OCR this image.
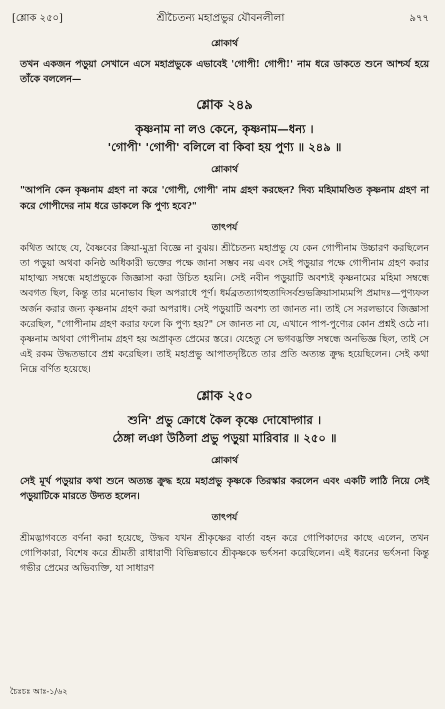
[শ্লোক ২৫০]	শ্রীচৈতন্য মহাপ্রভুর যৌবনলীলা	৯৭৭
শ্লোকার্থ

তখন একজন পড়ুয়া সেখানে এসে মহাপ্রভুকে এভাবেই 'গোপী! গোপী!' নাম ধরে ডাকতে শুনে আশ্চর্য হয়ে তাঁকে বললেন—

শ্লোক ২৪৯

কৃষ্ণনাম না লও কেনে, কৃষ্ণনাম—ধন্য ।

'গোপী' 'গোপী' বলিলে বা কিবা হয় পুণ্য ॥ ২৪৯ ॥

শ্লোকার্থ

"আপনি কেন কৃষ্ণনাম গ্রহণ না করে 'গোপী, গোপী' নাম গ্রহণ করছেন? দিব্য মহিমামণ্ডিত কৃষ্ণনাম গ্রহণ না করে গোপীদের নাম ধরে ডাকলে কি পুণ্য হবে?"

তাৎপর্য

কথিত আছে যে, বৈষ্ণবের ক্রিয়া-মুদ্রা বিজ্ঞে না বুঝয়। শ্রীচৈতন্য মহাপ্রভু যে কেন গোপীনাম উচ্চারণ করছিলেন তা পড়ুয়া অথবা কনিষ্ঠ অধিকারী ভক্তের পক্ষে জানা সম্ভব নয় এবং সেই পড়ুয়ার পক্ষে গোপীনাম গ্রহণ করার মাহাত্ম্য সম্বন্ধে মহাপ্রভুকে জিজ্ঞাসা করা উচিত হয়নি। সেই নবীন পড়ুয়াটি অবশ্যই কৃষ্ণনামের মহিমা সম্বন্ধে অবগত ছিল, কিন্তু তার মনোভাব ছিল অপরাধে পূর্ণ। ধর্মব্রতত্যাগহুতাদিসর্বশুভক্রিয়াসাম্যমপি প্রমাদঃ—পুণ্যফল অর্জন করার জন্য কৃষ্ণনাম গ্রহণ করা অপরাধ। সেই পড়ুয়াটি অবশ্য তা জানত না। তাই সে সরলভাবে জিজ্ঞাসা করেছিল, "গোপীনাম গ্রহণ করার ফলে কি পুণ্য হয়?" সে জানত না যে, এখানে পাপ-পুণ্যের কোন প্রশ্নই ওঠে না। কৃষ্ণনাম অথবা গোপীনাম গ্রহণ হয় অপ্রাকৃত প্রেমের স্তরে। যেহেতু সে ভগবদ্ভক্তি সম্বন্ধে অনভিজ্ঞ ছিল, তাই সে এই রকম উদ্ধতভাবে প্রশ্ন করেছিল। তাই মহাপ্রভু আপাতদৃষ্টিতে তার প্রতি অত্যন্ত ক্রুদ্ধ হয়েছিলেন। সেই কথা নিম্নে বর্ণিত হয়েছে।

শ্লোক ২৫০

শুনি' প্রভু ক্রোধে কৈল কৃষ্ণে দোষোদ্গার ।

ঠেঙ্গা লঞা উঠিলা প্রভু পড়ুয়া মারিবার ॥ ২৫০ ॥

শ্লোকার্থ

সেই মূর্খ পড়ুয়ার কথা শুনে অত্যন্ত ক্রুদ্ধ হয়ে মহাপ্রভু কৃষ্ণকে তিরস্কার করলেন এবং একটি লাঠি নিয়ে সেই পড়ুয়াটিকে মারতে উদ্যত হলেন।

তাৎপর্য

শ্রীমদ্ভাগবতে বর্ণনা করা হয়েছে, উদ্ধব যখন শ্রীকৃষ্ণের বার্তা বহন করে গোপিকাদের কাছে এলেন, তখন গোপিকারা, বিশেষ করে শ্রীমতী রাধারাণী বিভিন্নভাবে শ্রীকৃষ্ণকে ভর্ৎসনা করেছিলেন। এই ধরনের ভর্ৎসনা কিন্তু গভীর প্রেমের অভিব্যক্তি, যা সাধারণ

চৈঃচঃ আঃ-১/৬২
